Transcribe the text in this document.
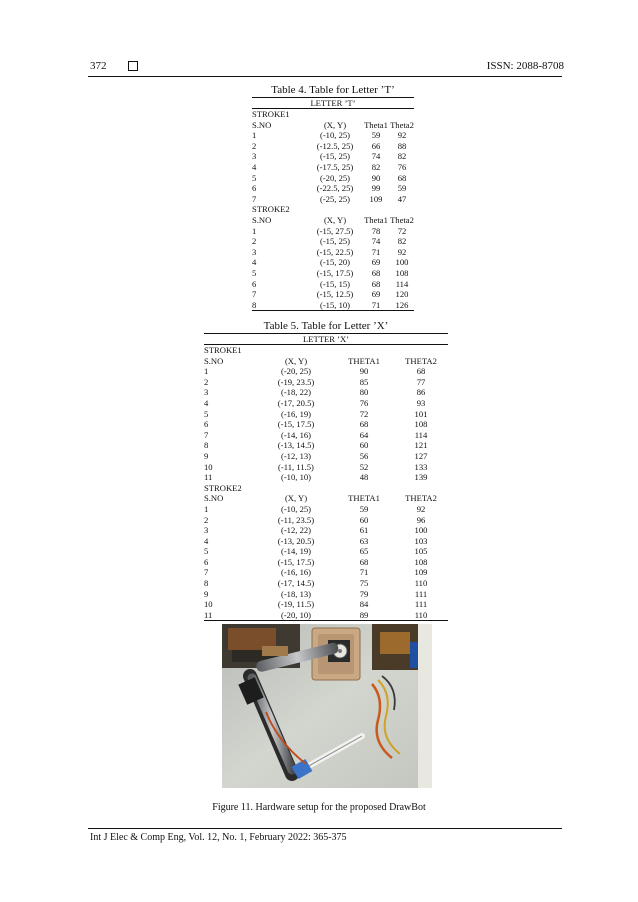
372	ISSN: 2088-8708
Table 4. Table for Letter ’T’
LETTER ’T’			
STROKE1			
S.NO	(X, Y)	Theta1	Theta2
1	(-10, 25)	59	92
2	(-12.5, 25)	66	88
3	(-15, 25)	74	82
4	(-17.5, 25)	82	76
5	(-20, 25)	90	68
6	(-22.5, 25)	99	59
7	(-25, 25)	109	47
STROKE2			
S.NO	(X, Y)	Theta1	Theta2
1	(-15, 27.5)	78	72
2	(-15, 25)	74	82
3	(-15, 22.5)	71	92
4	(-15, 20)	69	100
5	(-15, 17.5)	68	108
6	(-15, 15)	68	114
7	(-15, 12.5)	69	120
8	(-15, 10)	71	126
Table 5. Table for Letter ’X’
LETTER ’X’			
STROKE1			
S.NO	(X, Y)	THETA1	THETA2
1	(-20, 25)	90	68
2	(-19, 23.5)	85	77
3	(-18, 22)	80	86
4	(-17, 20.5)	76	93
5	(-16, 19)	72	101
6	(-15, 17.5)	68	108
7	(-14, 16)	64	114
8	(-13, 14.5)	60	121
9	(-12, 13)	56	127
10	(-11, 11.5)	52	133
11	(-10, 10)	48	139
STROKE2			
S.NO	(X, Y)	THETA1	THETA2
1	(-10, 25)	59	92
2	(-11, 23.5)	60	96
3	(-12, 22)	61	100
4	(-13, 20.5)	63	103
5	(-14, 19)	65	105
6	(-15, 17.5)	68	108
7	(-16, 16)	71	109
8	(-17, 14.5)	75	110
9	(-18, 13)	79	111
10	(-19, 11.5)	84	111
11	(-20, 10)	89	110
Figure 11. Hardware setup for the proposed DrawBot
Int J Elec & Comp Eng, Vol. 12, No. 1, February 2022: 365-375
